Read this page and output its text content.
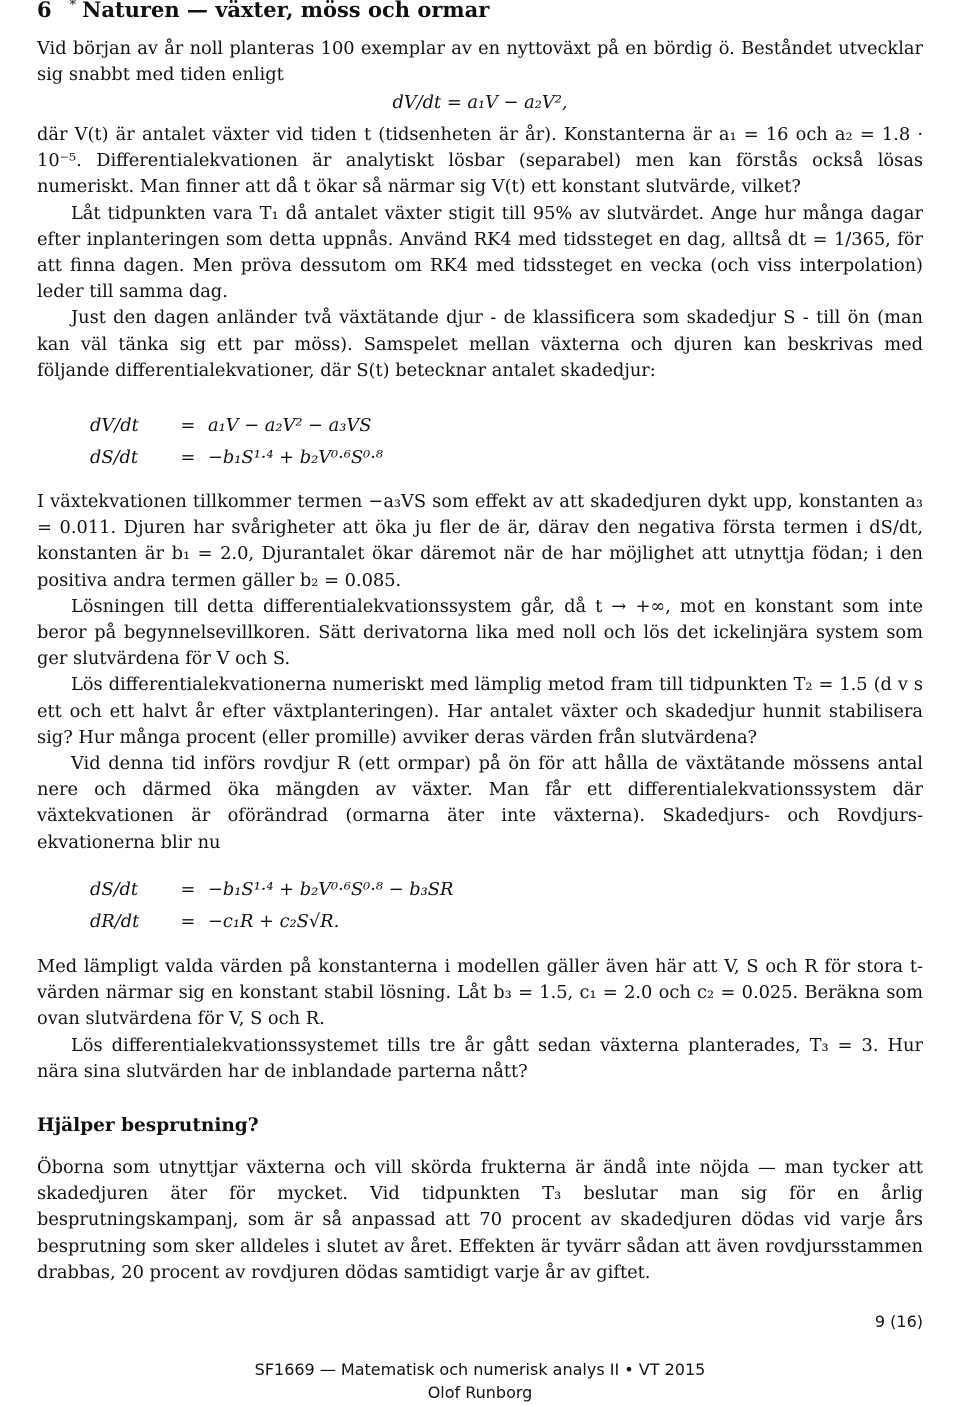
6 * Naturen — växter, möss och ormar

Vid början av år noll planteras 100 exemplar av en nyttoväxt på en bördig ö. Beståndet utvecklar sig snabbt med tiden enligt

dV/dt = a₁V − a₂V²,

där V(t) är antalet växter vid tiden t (tidsenheten är år). Konstanterna är a₁ = 16 och a₂ = 1.8 · 10⁻⁵. Differentialekvationen är analytiskt lösbar (separabel) men kan förstås också lösas numeriskt. Man finner att då t ökar så närmar sig V(t) ett konstant slutvärde, vilket?

Låt tidpunkten vara T₁ då antalet växter stigit till 95% av slutvärdet. Ange hur många dagar efter inplanteringen som detta uppnås. Använd RK4 med tidssteget en dag, alltså dt = 1/365, för att finna dagen. Men pröva dessutom om RK4 med tidssteget en vecka (och viss interpolation) leder till samma dag.

Just den dagen anländer två växtätande djur - de klassificera som skadedjur S - till ön (man kan väl tänka sig ett par möss). Samspelet mellan växterna och djuren kan beskrivas med följande differentialekvationer, där S(t) betecknar antalet skadedjur:

dV/dt = a₁V − a₂V² − a₃VS
dS/dt = −b₁S¹·⁴ + b₂V⁰·⁶S⁰·⁸

I växtekvationen tillkommer termen −a₃VS som effekt av att skadedjuren dykt upp, konstanten a₃ = 0.011. Djuren har svårigheter att öka ju fler de är, därav den negativa första termen i dS/dt, konstanten är b₁ = 2.0, Djurantalet ökar däremot när de har möjlighet att utnyttja födan; i den positiva andra termen gäller b₂ = 0.085.

Lösningen till detta differentialekvationssystem går, då t → +∞, mot en konstant som inte beror på begynnelsevillkoren. Sätt derivatorna lika med noll och lös det ickelinjära system som ger slutvärdena för V och S.

Lös differentialekvationerna numeriskt med lämplig metod fram till tidpunkten T₂ = 1.5 (d v s ett och ett halvt år efter växtplanteringen). Har antalet växter och skadedjur hunnit stabilisera sig? Hur många procent (eller promille) avviker deras värden från slutvärdena?

Vid denna tid införs rovdjur R (ett ormpar) på ön för att hålla de växtätande mössens antal nere och därmed öka mängden av växter. Man får ett differentialekvationssystem där växtekvationen är oförändrad (ormarna äter inte växterna). Skadedjurs- och Rovdjurs-ekvationerna blir nu

dS/dt = −b₁S¹·⁴ + b₂V⁰·⁶S⁰·⁸ − b₃SR
dR/dt = −c₁R + c₂S√R.

Med lämpligt valda värden på konstanterna i modellen gäller även här att V, S och R för stora t-värden närmar sig en konstant stabil lösning. Låt b₃ = 1.5, c₁ = 2.0 och c₂ = 0.025. Beräkna som ovan slutvärdena för V, S och R.

Lös differentialekvationssystemet tills tre år gått sedan växterna planterades, T₃ = 3. Hur nära sina slutvärden har de inblandade parterna nått?

Hjälper besprutning?

Öborna som utnyttjar växterna och vill skörda frukterna är ändå inte nöjda — man tycker att skadedjuren äter för mycket. Vid tidpunkten T₃ beslutar man sig för en årlig besprutningskampanj, som är så anpassad att 70 procent av skadedjuren dödas vid varje års besprutning som sker alldeles i slutet av året. Effekten är tyvärr sådan att även rovdjursstammen drabbas, 20 procent av rovdjuren dödas samtidigt varje år av giftet.

9 (16)
SF1669 — Matematisk och numerisk analys II • VT 2015
Olof Runborg
